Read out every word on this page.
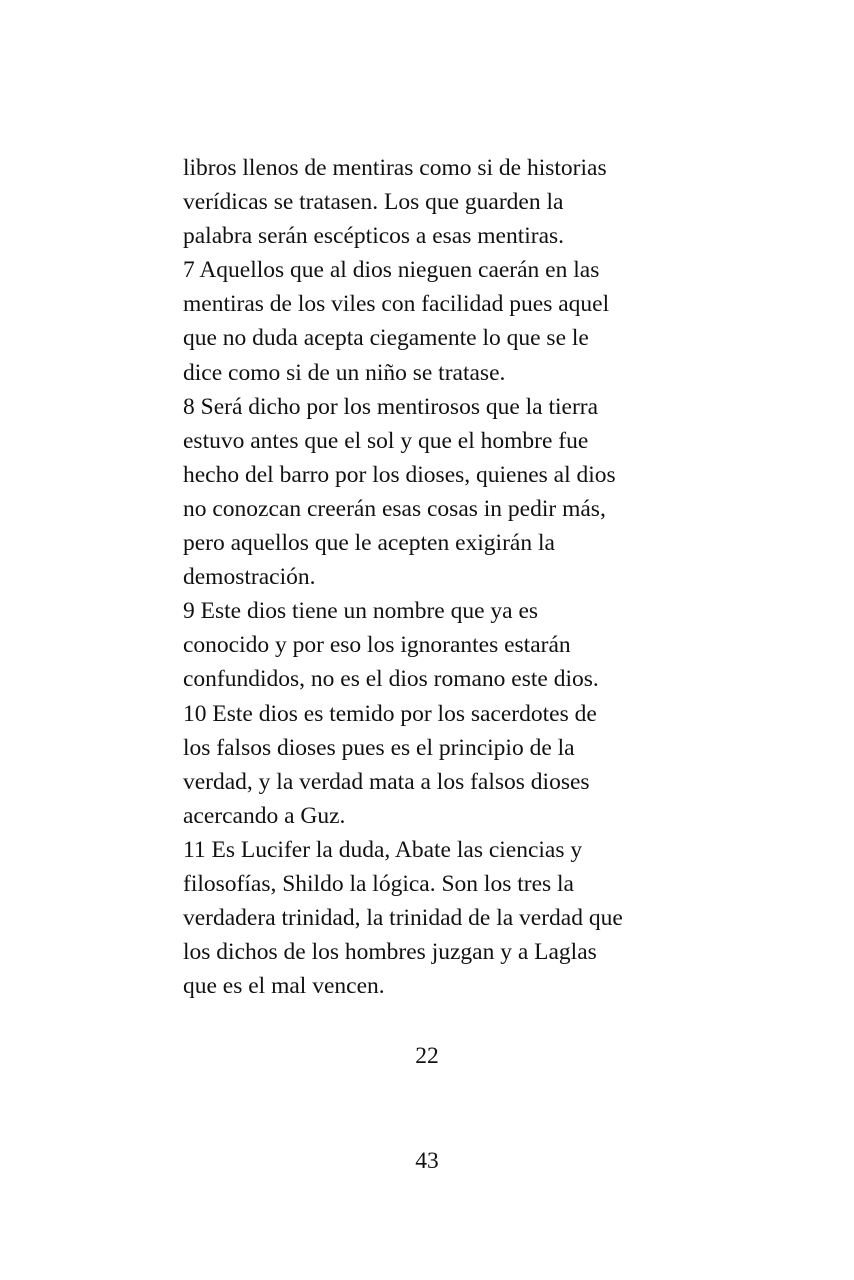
libros llenos de mentiras como si de historias
verídicas se tratasen. Los que guarden la
palabra serán escépticos a esas mentiras.
7 Aquellos que al dios nieguen caerán en las
mentiras de los viles con facilidad pues aquel
que no duda acepta ciegamente lo que se le
dice como si de un niño se tratase.
8 Será dicho por los mentirosos que la tierra
estuvo antes que el sol y que el hombre fue
hecho del barro por los dioses, quienes al dios
no conozcan creerán esas cosas in pedir más,
pero aquellos que le acepten exigirán la
demostración.
9 Este dios tiene un nombre que ya es
conocido y por eso los ignorantes estarán
confundidos, no es el dios romano este dios.
10 Este dios es temido por los sacerdotes de
los falsos dioses pues es el principio de la
verdad, y la verdad mata a los falsos dioses
acercando a Guz.
11 Es Lucifer la duda, Abate las ciencias y
filosofías, Shildo la lógica. Son los tres la
verdadera trinidad, la trinidad de la verdad que
los dichos de los hombres juzgan y a Laglas
que es el mal vencen.
22
43
